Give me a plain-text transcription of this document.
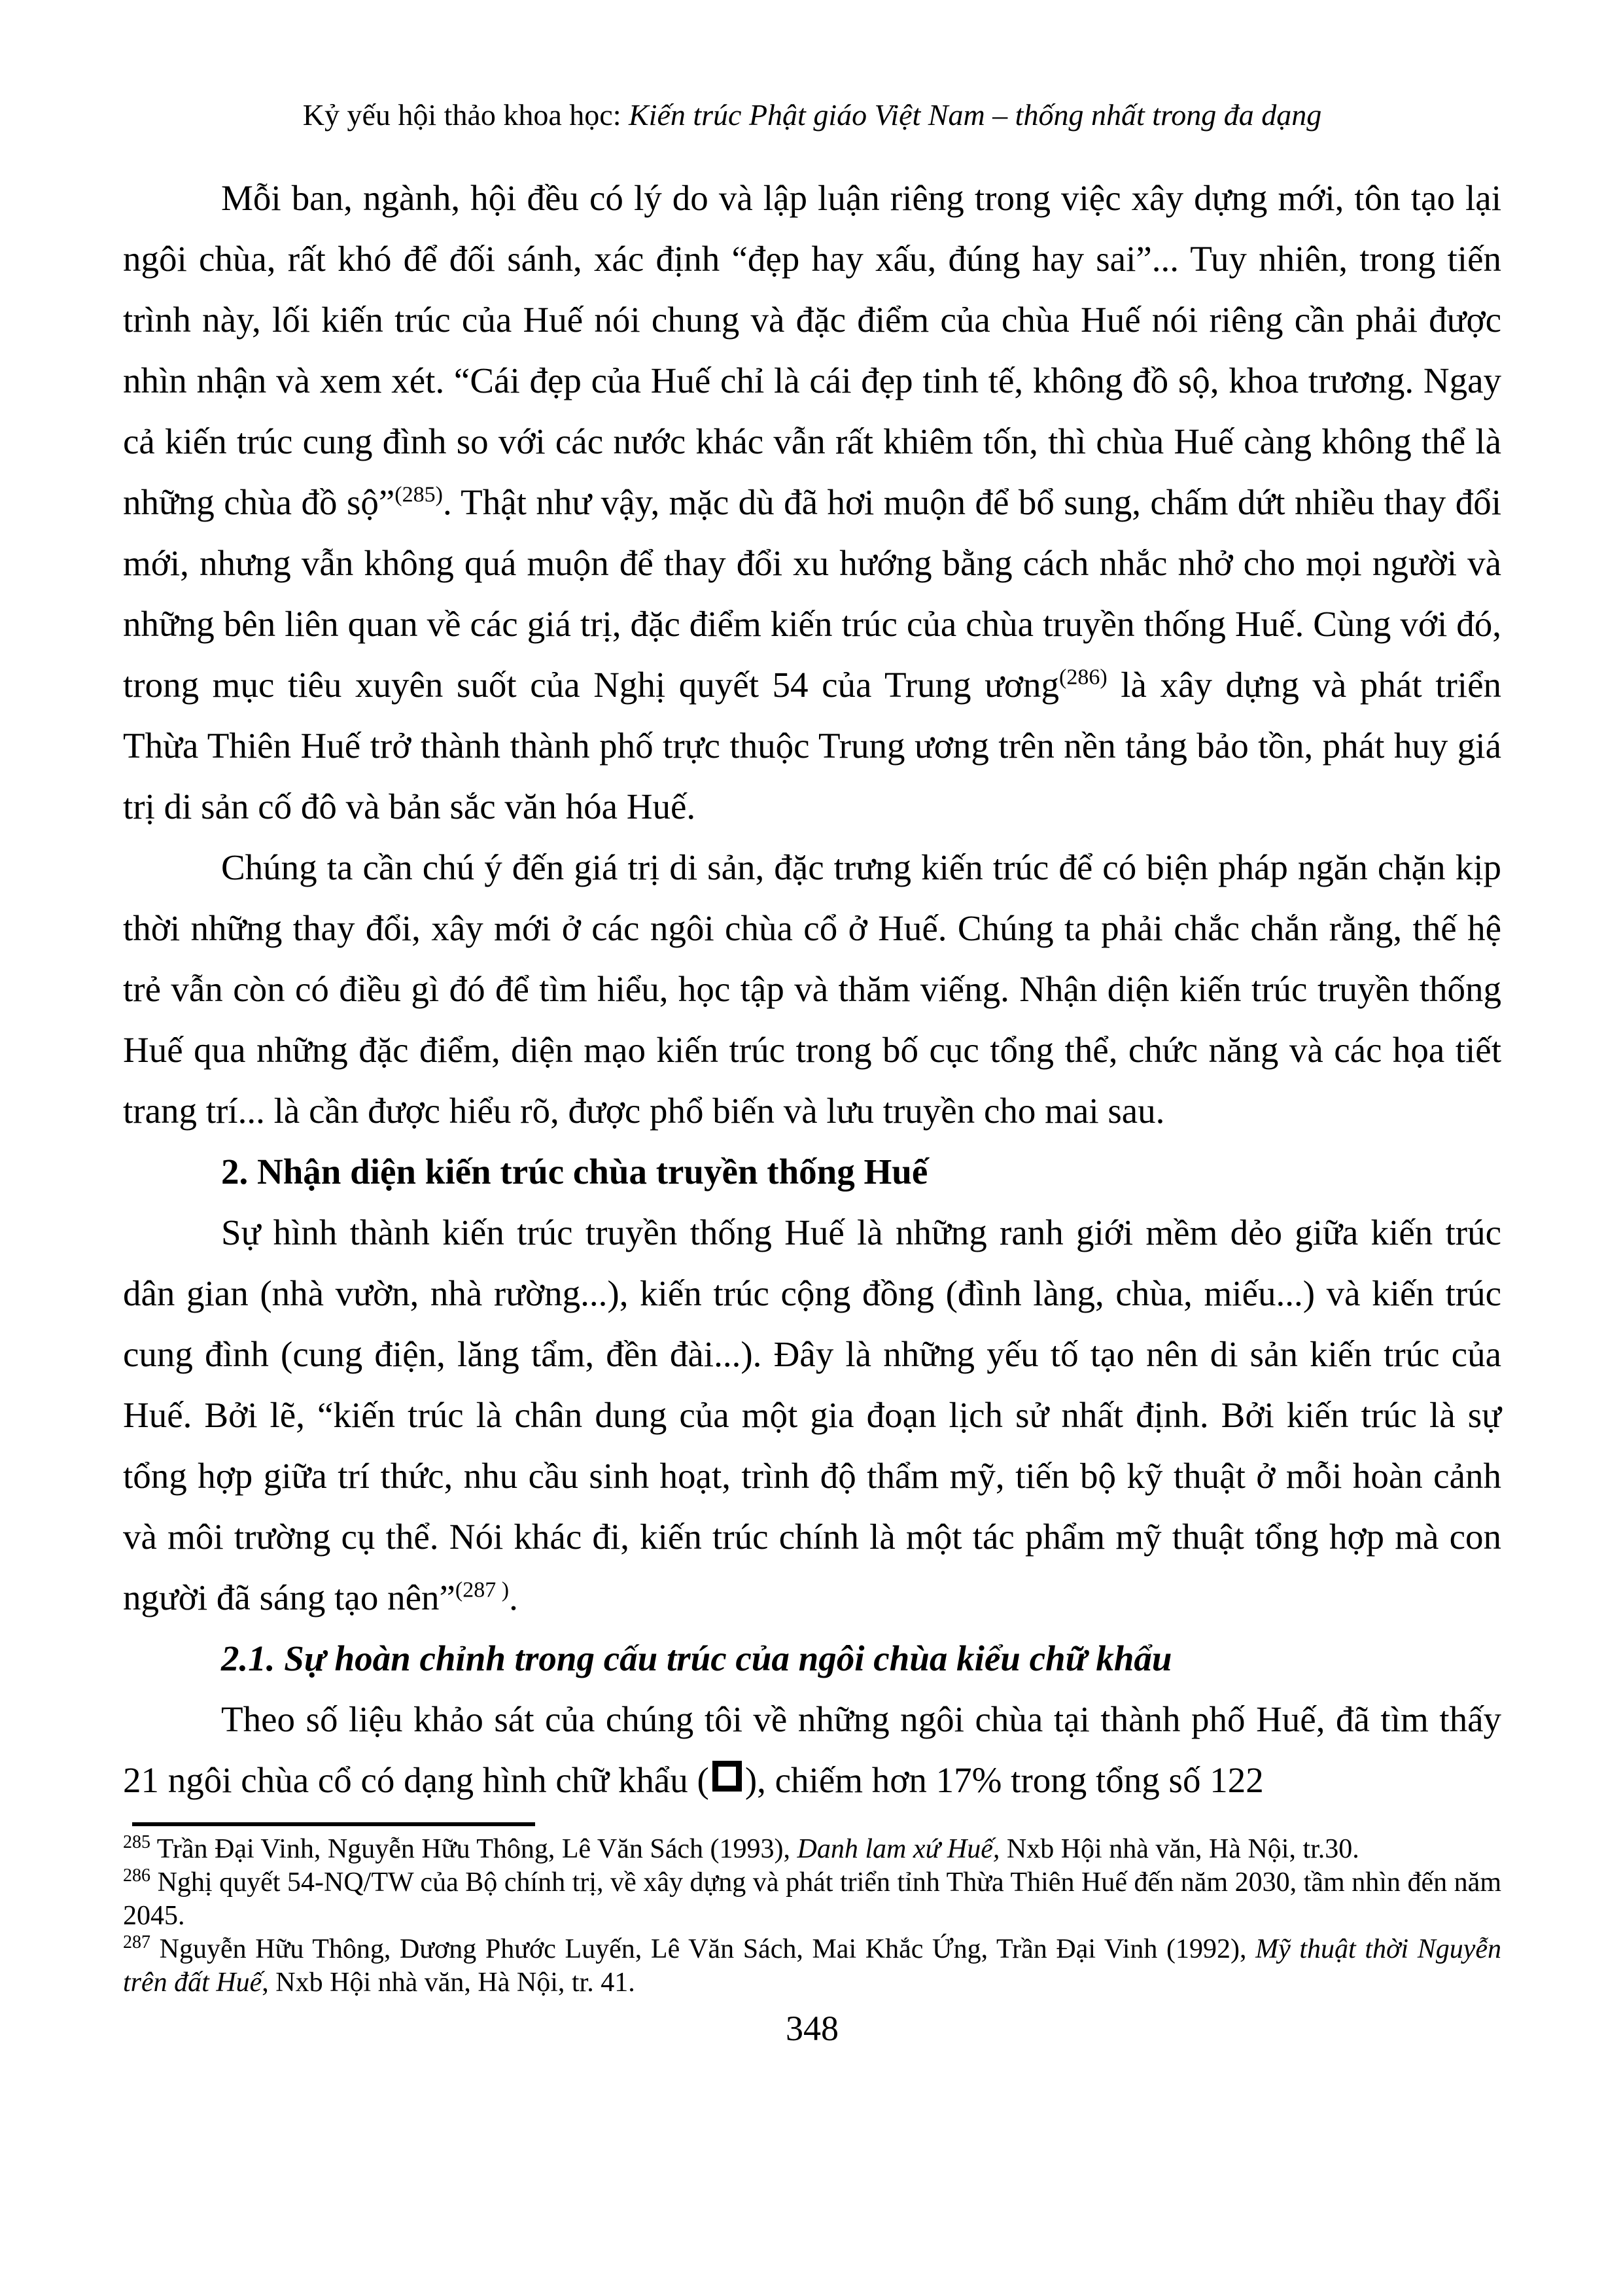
Kỷ yếu hội thảo khoa học: Kiến trúc Phật giáo Việt Nam – thống nhất trong đa dạng

Mỗi ban, ngành, hội đều có lý do và lập luận riêng trong việc xây dựng mới, tôn tạo lại ngôi chùa, rất khó để đối sánh, xác định “đẹp hay xấu, đúng hay sai”... Tuy nhiên, trong tiến trình này, lối kiến trúc của Huế nói chung và đặc điểm của chùa Huế nói riêng cần phải được nhìn nhận và xem xét. “Cái đẹp của Huế chỉ là cái đẹp tinh tế, không đồ sộ, khoa trương. Ngay cả kiến trúc cung đình so với các nước khác vẫn rất khiêm tốn, thì chùa Huế càng không thể là những chùa đồ sộ”$^{(285)}$. Thật như vậy, mặc dù đã hơi muộn để bổ sung, chấm dứt nhiều thay đổi mới, nhưng vẫn không quá muộn để thay đổi xu hướng bằng cách nhắc nhở cho mọi người và những bên liên quan về các giá trị, đặc điểm kiến trúc của chùa truyền thống Huế. Cùng với đó, trong mục tiêu xuyên suốt của Nghị quyết 54 của Trung ương$^{(286)}$ là xây dựng và phát triển Thừa Thiên Huế trở thành thành phố trực thuộc Trung ương trên nền tảng bảo tồn, phát huy giá trị di sản cố đô và bản sắc văn hóa Huế.

Chúng ta cần chú ý đến giá trị di sản, đặc trưng kiến trúc để có biện pháp ngăn chặn kịp thời những thay đổi, xây mới ở các ngôi chùa cổ ở Huế. Chúng ta phải chắc chắn rằng, thế hệ trẻ vẫn còn có điều gì đó để tìm hiểu, học tập và thăm viếng. Nhận diện kiến trúc truyền thống Huế qua những đặc điểm, diện mạo kiến trúc trong bố cục tổng thể, chức năng và các họa tiết trang trí... là cần được hiểu rõ, được phổ biến và lưu truyền cho mai sau.

2. Nhận diện kiến trúc chùa truyền thống Huế

Sự hình thành kiến trúc truyền thống Huế là những ranh giới mềm dẻo giữa kiến trúc dân gian (nhà vườn, nhà rường...), kiến trúc cộng đồng (đình làng, chùa, miếu...) và kiến trúc cung đình (cung điện, lăng tẩm, đền đài...). Đây là những yếu tố tạo nên di sản kiến trúc của Huế. Bởi lẽ, “kiến trúc là chân dung của một gia đoạn lịch sử nhất định. Bởi kiến trúc là sự tổng hợp giữa trí thức, nhu cầu sinh hoạt, trình độ thẩm mỹ, tiến bộ kỹ thuật ở mỗi hoàn cảnh và môi trường cụ thể. Nói khác đi, kiến trúc chính là một tác phẩm mỹ thuật tổng hợp mà con người đã sáng tạo nên”$^{(287 )}$.

2.1. Sự hoàn chỉnh trong cấu trúc của ngôi chùa kiểu chữ khẩu

Theo số liệu khảo sát của chúng tôi về những ngôi chùa tại thành phố Huế, đã tìm thấy 21 ngôi chùa cổ có dạng hình chữ khẩu ( ), chiếm hơn 17% trong tổng số 122

$^{285}$ Trần Đại Vinh, Nguyễn Hữu Thông, Lê Văn Sách (1993), Danh lam xứ Huế, Nxb Hội nhà văn, Hà Nội, tr.30.

$^{286}$ Nghị quyết 54-NQ/TW của Bộ chính trị, về xây dựng và phát triển tỉnh Thừa Thiên Huế đến năm 2030, tầm nhìn đến năm 2045.

$^{287}$ Nguyễn Hữu Thông, Dương Phước Luyến, Lê Văn Sách, Mai Khắc Ứng, Trần Đại Vinh (1992), Mỹ thuật thời Nguyễn trên đất Huế, Nxb Hội nhà văn, Hà Nội, tr. 41.

348
